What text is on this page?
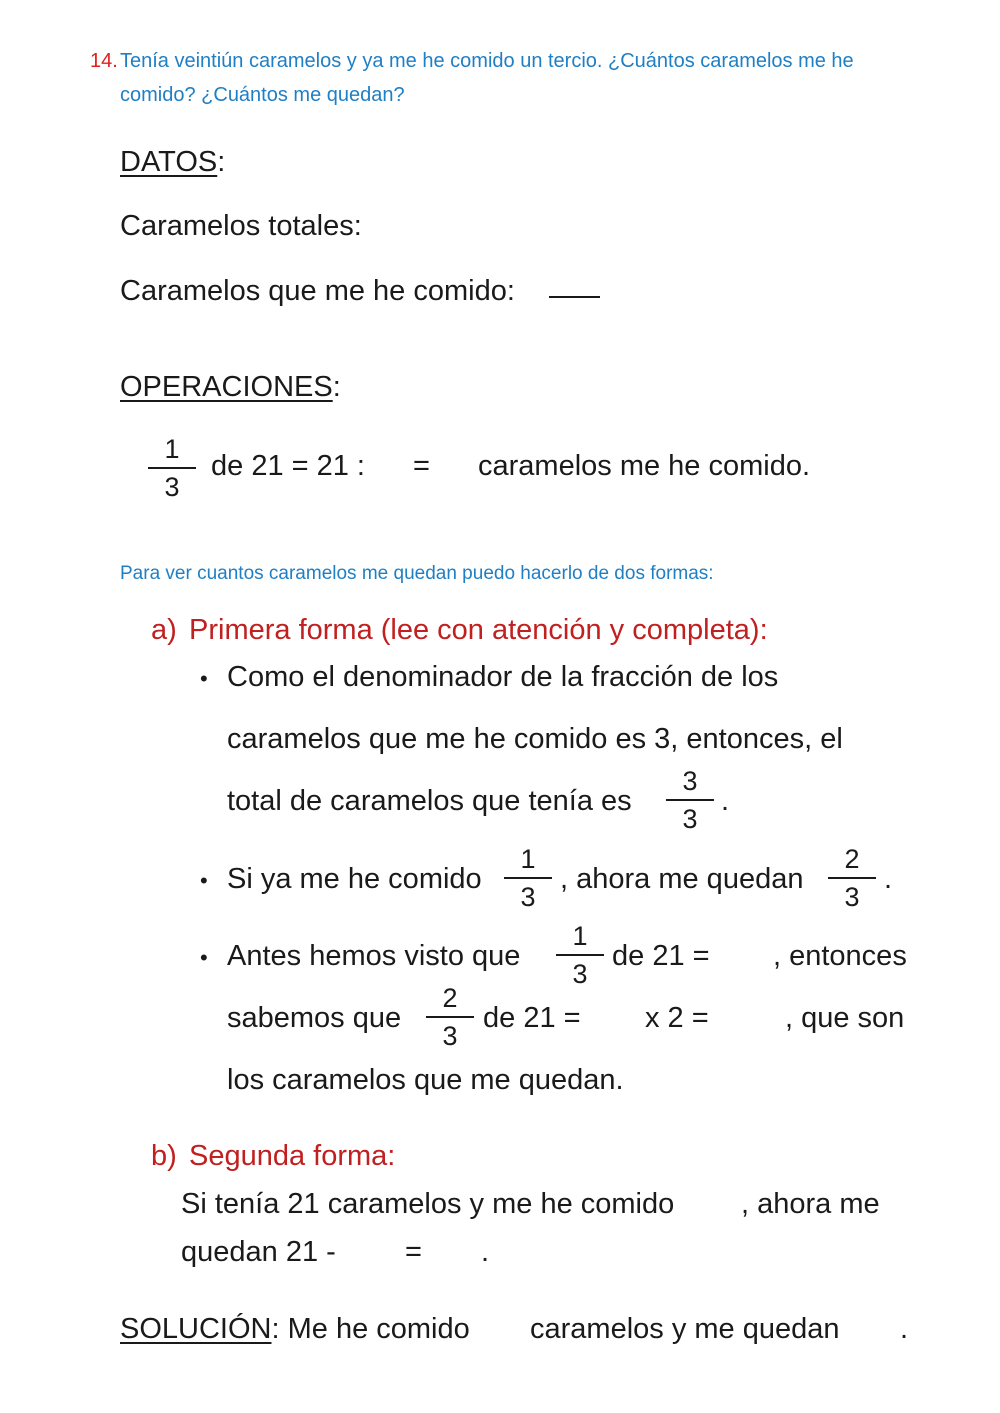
14. Tenía veintiún caramelos y ya me he comido un tercio. ¿Cuántos caramelos me he
comido? ¿Cuántos me quedan?
DATOS:
Caramelos totales:
Caramelos que me he comido:
OPERACIONES:
1
3
de 21 = 21 : = caramelos me he comido.
Para ver cuantos caramelos me quedan puedo hacerlo de dos formas:
a) Primera forma (lee con atención y completa):
• Como el denominador de la fracción de los
caramelos que me he comido es 3, entonces, el
total de caramelos que tenía es
3
3
.
• Si ya me he comido
1
3
, ahora me quedan
2
3
.
• Antes hemos visto que
1
3
de 21 = , entonces
sabemos que
2
3
de 21 = x 2 =	, que son
los caramelos que me quedan.
b) Segunda forma:
Si tenía 21 caramelos y me he comido , ahora me
quedan 21 - = .
SOLUCIÓN: Me he comido caramelos y me quedan .
